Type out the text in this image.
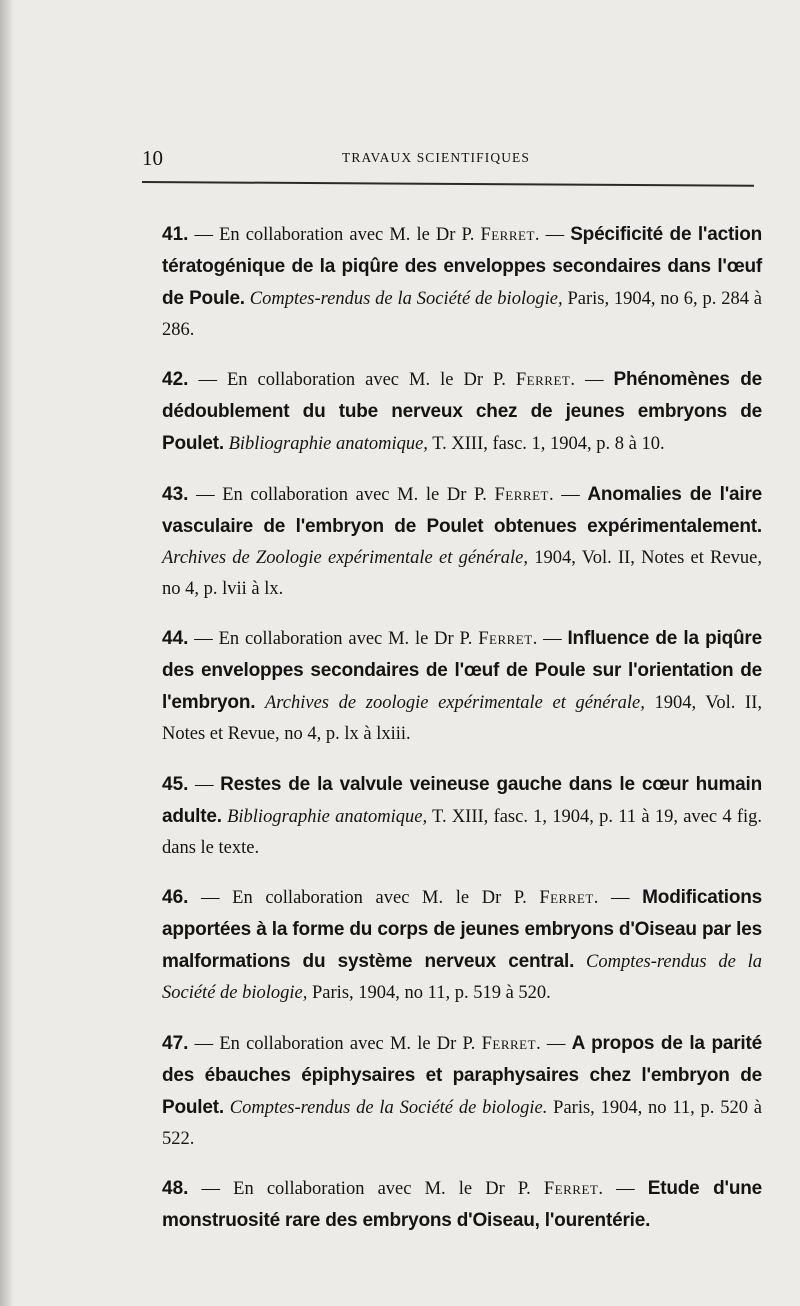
10	TRAVAUX SCIENTIFIQUES

41. — En collaboration avec M. le Dr P. Ferret. — Spécificité de l'action tératogénique de la piqûre des enveloppes secondaires dans l'œuf de Poule. Comptes-rendus de la Société de biologie, Paris, 1904, no 6, p. 284 à 286.

42. — En collaboration avec M. le Dr P. Ferret. — Phénomènes de dédoublement du tube nerveux chez de jeunes embryons de Poulet. Bibliographie anatomique, T. XIII, fasc. 1, 1904, p. 8 à 10.

43. — En collaboration avec M. le Dr P. Ferret. — Anomalies de l'aire vasculaire de l'embryon de Poulet obtenues expérimentalement. Archives de Zoologie expérimentale et générale, 1904, Vol. II, Notes et Revue, no 4, p. lvii à lx.

44. — En collaboration avec M. le Dr P. Ferret. — Influence de la piqûre des enveloppes secondaires de l'œuf de Poule sur l'orientation de l'embryon. Archives de zoologie expérimentale et générale, 1904, Vol. II, Notes et Revue, no 4, p. lx à lxiii.

45. — Restes de la valvule veineuse gauche dans le cœur humain adulte. Bibliographie anatomique, T. XIII, fasc. 1, 1904, p. 11 à 19, avec 4 fig. dans le texte.

46. — En collaboration avec M. le Dr P. Ferret. — Modifications apportées à la forme du corps de jeunes embryons d'Oiseau par les malformations du système nerveux central. Comptes-rendus de la Société de biologie, Paris, 1904, no 11, p. 519 à 520.

47. — En collaboration avec M. le Dr P. Ferret. — A propos de la parité des ébauches épiphysaires et paraphysaires chez l'embryon de Poulet. Comptes-rendus de la Société de biologie. Paris, 1904, no 11, p. 520 à 522.

48. — En collaboration avec M. le Dr P. Ferret. — Etude d'une monstruosité rare des embryons d'Oiseau, l'ourentérie.
